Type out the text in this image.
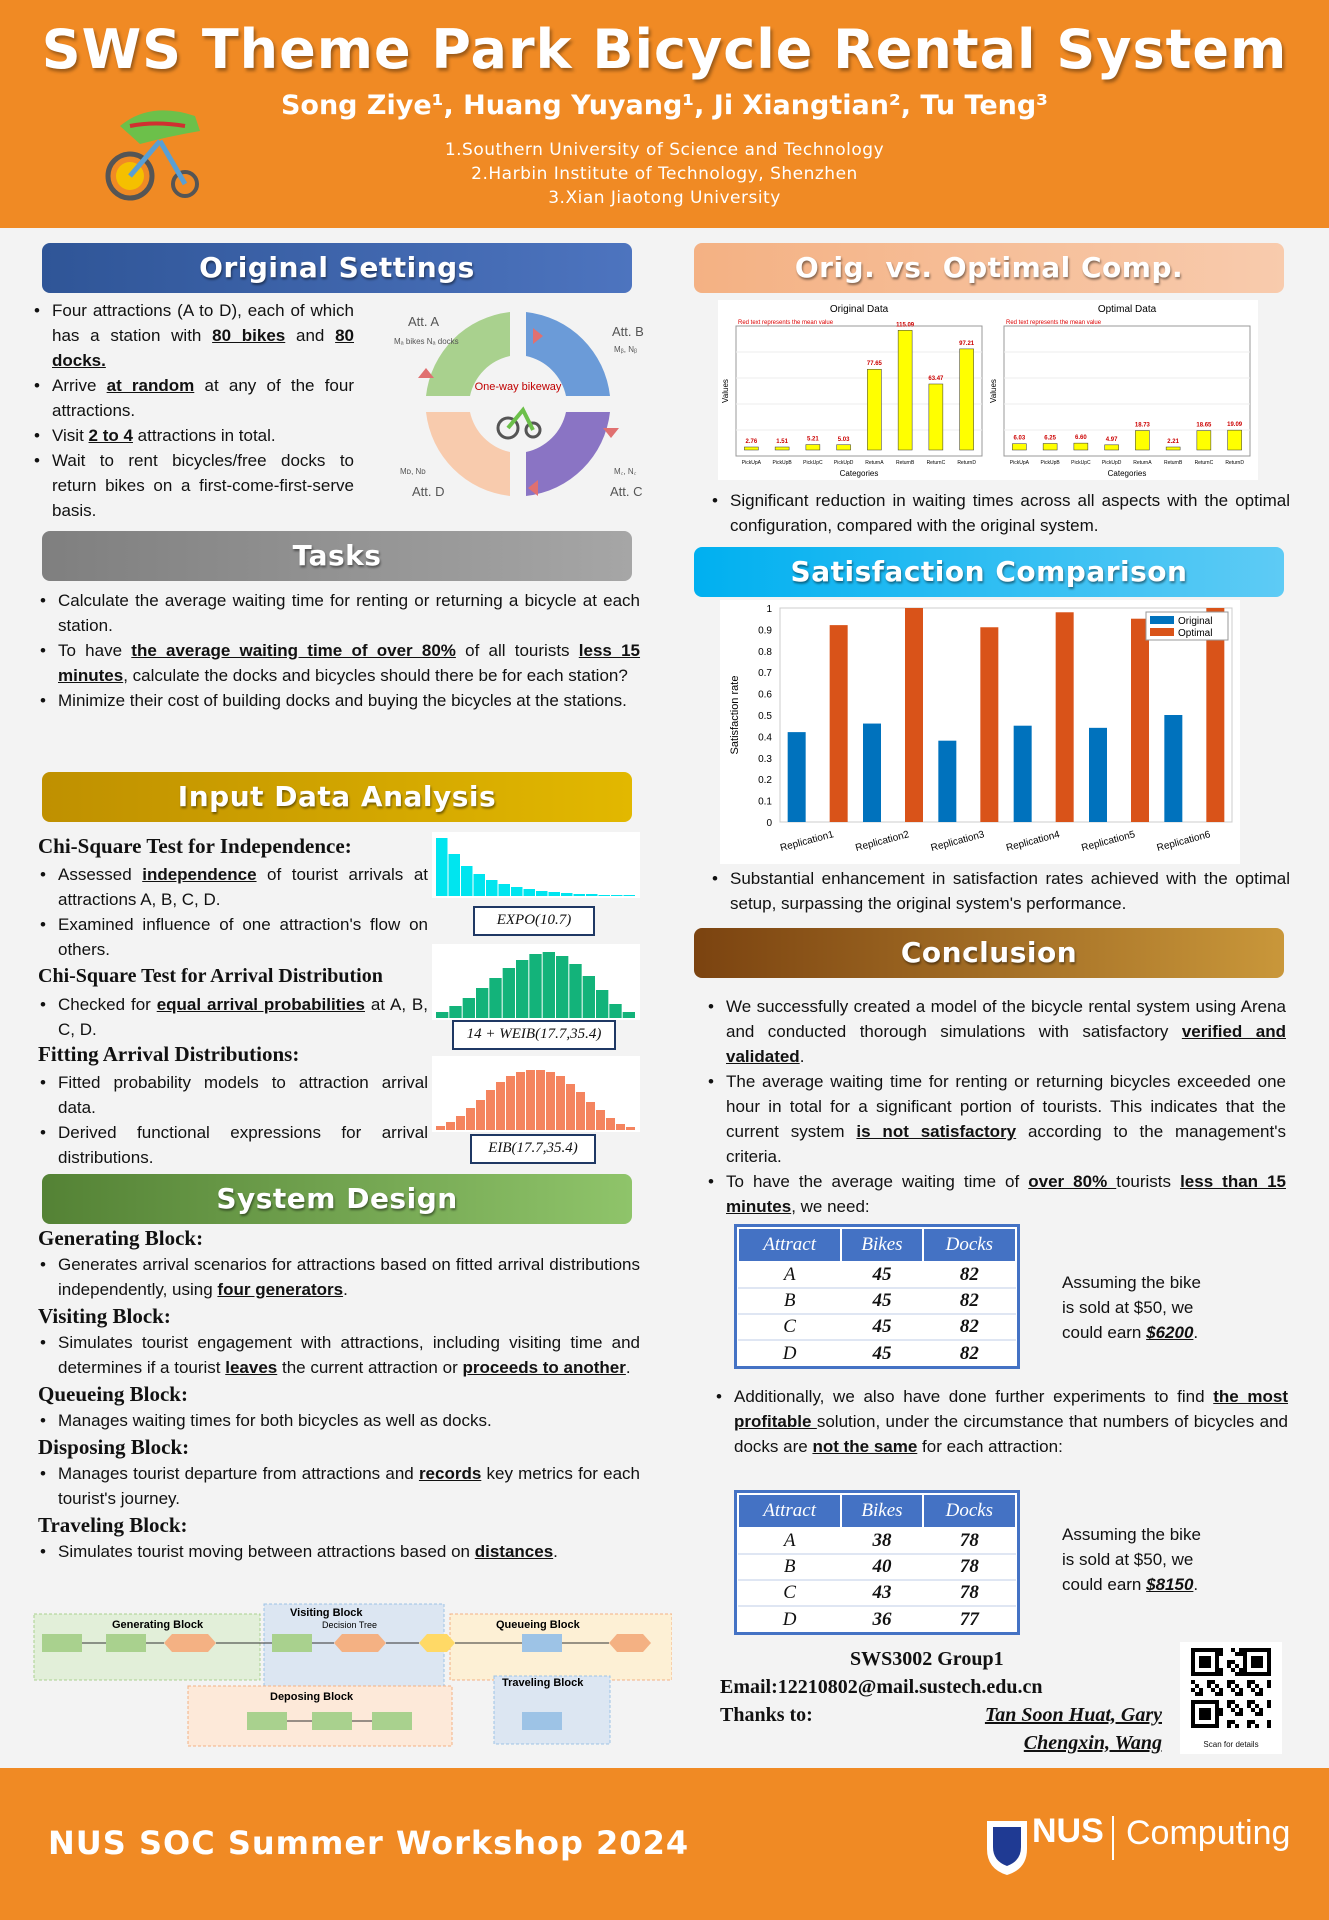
SWS Theme Park Bicycle Rental System
Song Ziye¹, Huang Yuyang¹, Ji Xiangtian², Tu Teng³
1.Southern University of Science and Technology
2.Harbin Institute of Technology, Shenzhen
3.Xian Jiaotong University
Original Settings
• Four attractions (A to D), each of which has a station with 80 bikes and 80 docks.
• Arrive at random at any of the four attractions.
• Visit 2 to 4 attractions in total.
• Wait to rent bicycles/free docks to return bikes on a first-come-first-serve basis.
Att. A
Att. B
Att. C
Att. D
Mₐ bikes Nₐ docks
Mᵦ, Nᵦ
M꜀, N꜀
Mᴅ, Nᴅ
One-way bikeway
Tasks
• Calculate the average waiting time for renting or returning a bicycle at each station.
• To have the average waiting time of over 80% of all tourists less 15 minutes, calculate the docks and bicycles should there be for each station?
• Minimize their cost of building docks and buying the bicycles at the stations.
Input Data Analysis
Chi-Square Test for Independence:
• Assessed independence of tourist arrivals at attractions A, B, C, D.
• Examined influence of one attraction's flow on others.
EXPO(10.7)
Chi-Square Test for Arrival Distribution
• Checked for equal arrival probabilities at A, B, C, D.	14 + WEIB(17.7,35.4)
Fitting Arrival Distributions:
• Fitted probability models to attraction arrival data.
• Derived functional expressions for arrival distributions.	EIB(17.7,35.4)
System Design
Generating Block:
• Generates arrival scenarios for attractions based on fitted arrival distributions independently, using four generators.
Visiting Block:
• Simulates tourist engagement with attractions, including visiting time and determines if a tourist leaves the current attraction or proceeds to another.
Queueing Block:
• Manages waiting times for both bicycles as well as docks.
Disposing Block:
• Manages tourist departure from attractions and records key metrics for each tourist's journey.
Traveling Block:
• Simulates tourist moving between attractions based on distances.
Generating Block
Visiting Block
Decision Tree	Queueing Block
Traveling Block
Deposing Block
Orig. vs. Optimal Comp.
Original Data
Red text represents the mean value
Categories
Values
2.76
PickUpA
1.51
PickUpB
5.21
PickUpC
5.03
PickUpD
77.65
ReturnA
115.09
ReturnB
63.47
ReturnC
97.21
ReturnD
Optimal Data
Red text represents the mean value
Categories
Values
6.03
PickUpA
6.25
PickUpB
6.60
PickUpC
4.97
PickUpD
18.73
ReturnA
2.21
ReturnB
18.65
ReturnC
19.09
ReturnD
• Significant reduction in waiting times across all aspects with the optimal configuration, compared with the original system.
Satisfaction Comparison
0
0.1
0.2
0.3
0.4
0.5
0.6
0.7
0.8
0.9
1
Satisfaction rate
Replication1 Replication2 Replication3 Replication4 Replication5 Replication6
Original
Optimal
• Substantial enhancement in satisfaction rates achieved with the optimal setup, surpassing the original system's performance.
Conclusion
• We successfully created a model of the bicycle rental system using Arena and conducted thorough simulations with satisfactory verified and validated.
• The average waiting time for renting or returning bicycles exceeded one hour in total for a significant portion of tourists. This indicates that the current system is not satisfactory according to the management's criteria.
• To have the average waiting time of over 80% tourists less than 15 minutes, we need:
Attract	Bikes	Docks
A	45	82
B	45	82
C	45	82
D	45	82
Assuming the bike is sold at $50, we could earn $6200.
• Additionally, we also have done further experiments to find the most profitable solution, under the circumstance that numbers of bicycles and docks are not the same for each attraction:
Attract	Bikes	Docks
A	38	78
B	40	78
C	43	78
D	36	77
Assuming the bike is sold at $50, we could earn $8150.
SWS3002 Group1
Email:12210802@mail.sustech.edu.cn
Thanks to:	Tan Soon Huat, Gary
Chengxin, Wang	Scan for details
NUS SOC Summer Workshop 2024	NUS Computing
